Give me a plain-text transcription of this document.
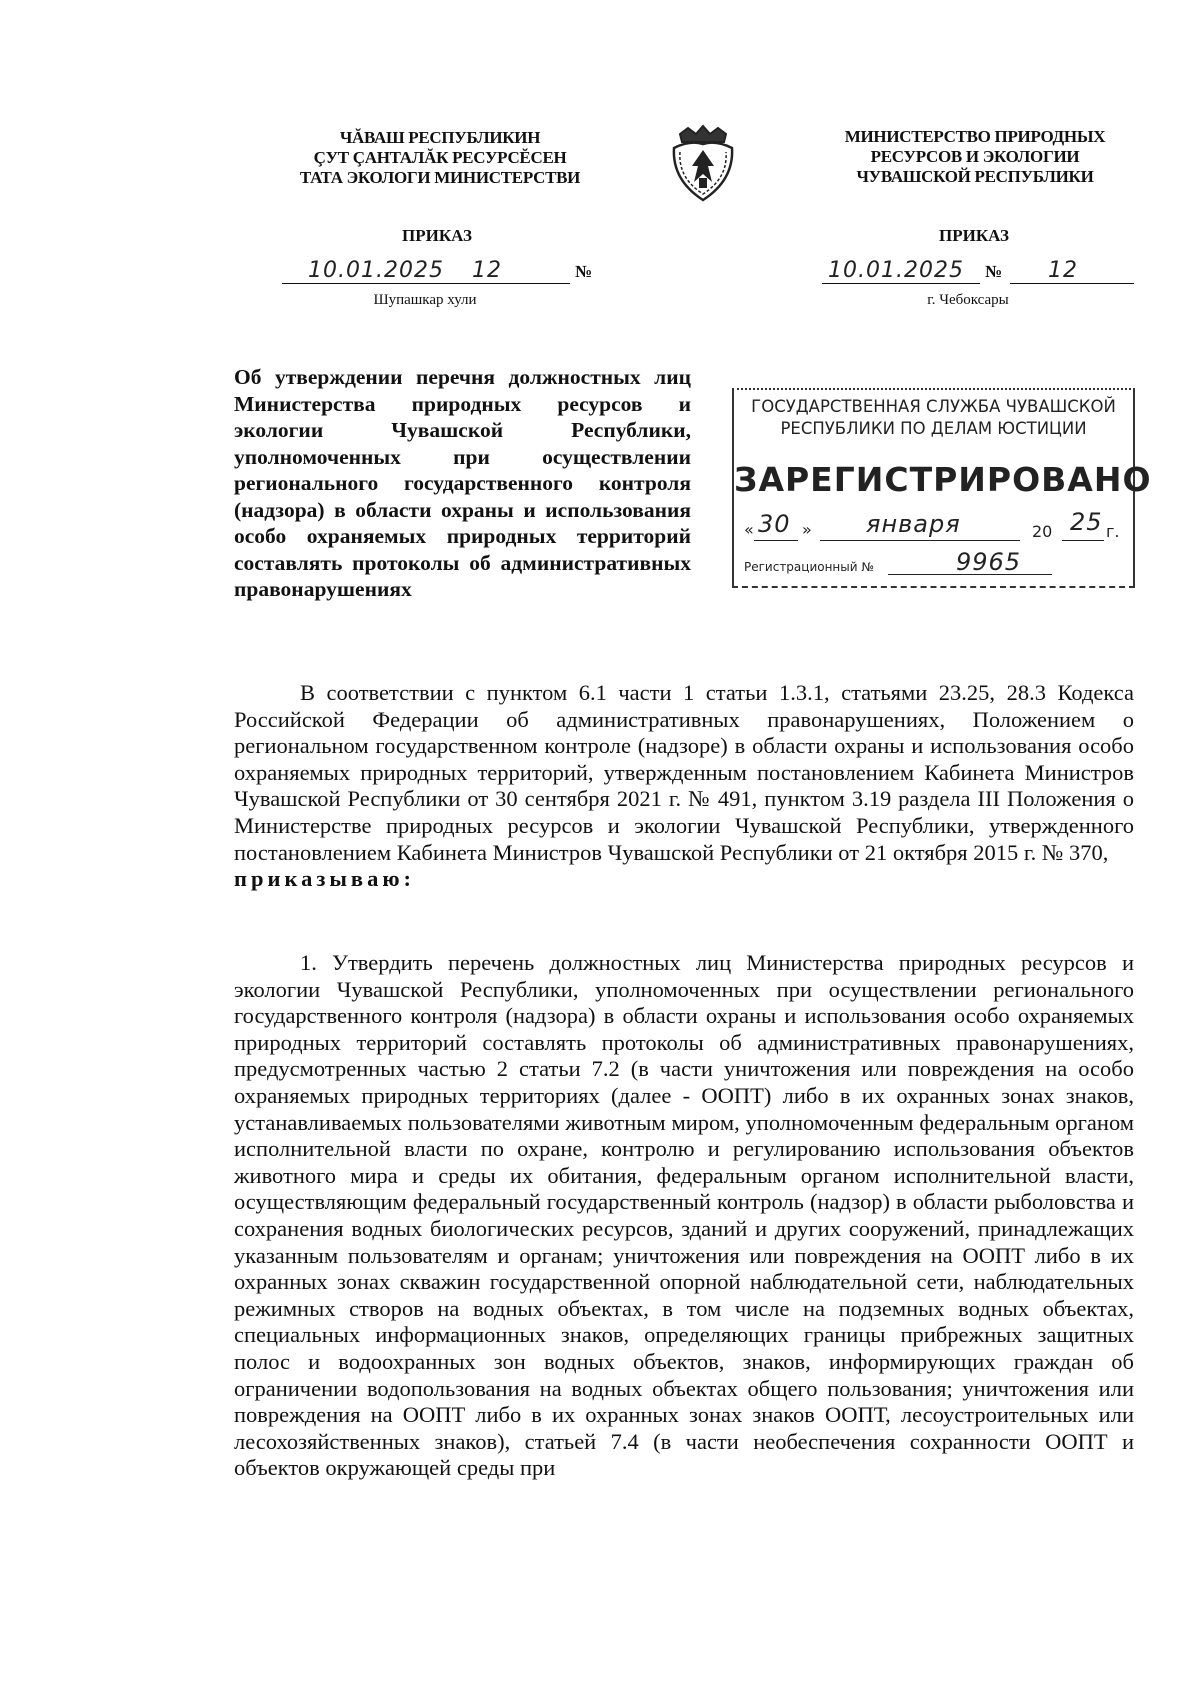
ЧĂВАШ РЕСПУБЛИКИН
ÇУТ ÇАНТАЛĂК РЕСУРСĔСЕН
ТАТА ЭКОЛОГИ МИНИСТЕРСТВИ
МИНИСТЕРСТВО ПРИРОДНЫХ
РЕСУРСОВ И ЭКОЛОГИИ
ЧУВАШСКОЙ РЕСПУБЛИКИ
ПРИКАЗ	ПРИКАЗ
10.01.2025 12	№
Шупашкар хули
№
10.01.2025	12
г. Чебоксары
Об утверждении перечня должностных лиц Министерства природных ресурсов и экологии Чувашской Республики, уполномоченных при осуществлении регионального государственного контроля (надзора) в области охраны и использования особо охраняемых природных территорий составлять протоколы об административных правонарушениях
ГОСУДАРСТВЕННАЯ СЛУЖБА ЧУВАШСКОЙ
РЕСПУБЛИКИ ПО ДЕЛАМ ЮСТИЦИИ
ЗАРЕГИСТРИРОВАНО
« 30 » января	20 25 г.
Регистрационный №	9965
В соответствии с пунктом 6.1 части 1 статьи 1.3.1, статьями 23.25, 28.3 Кодекса Российской Федерации об административных правонарушениях, Положением о региональном государственном контроле (надзоре) в области охраны и использования особо охраняемых природных территорий, утвержденным постановлением Кабинета Министров Чувашской Республики от 30 сентября 2021 г. № 491, пунктом 3.19 раздела III Положения о Министерстве природных ресурсов и экологии Чувашской Республики, утвержденного постановлением Кабинета Министров Чувашской Республики от 21 октября 2015 г. № 370,
приказываю:
1. Утвердить перечень должностных лиц Министерства природных ресурсов и экологии Чувашской Республики, уполномоченных при осуществлении регионального государственного контроля (надзора) в области охраны и использования особо охраняемых природных территорий составлять протоколы об административных правонарушениях, предусмотренных частью 2 статьи 7.2 (в части уничтожения или повреждения на особо охраняемых природных территориях (далее - ООПТ) либо в их охранных зонах знаков, устанавливаемых пользователями животным миром, уполномоченным федеральным органом исполнительной власти по охране, контролю и регулированию использования объектов животного мира и среды их обитания, федеральным органом исполнительной власти, осуществляющим федеральный государственный контроль (надзор) в области рыболовства и сохранения водных биологических ресурсов, зданий и других сооружений, принадлежащих указанным пользователям и органам; уничтожения или повреждения на ООПТ либо в их охранных зонах скважин государственной опорной наблюдательной сети, наблюдательных режимных створов на водных объектах, в том числе на подземных водных объектах, специальных информационных знаков, определяющих границы прибрежных защитных полос и водоохранных зон водных объектов, знаков, информирующих граждан об ограничении водопользования на водных объектах общего пользования; уничтожения или повреждения на ООПТ либо в их охранных зонах знаков ООПТ, лесоустроительных или лесохозяйственных знаков), статьей 7.4 (в части необеспечения сохранности ООПТ и объектов окружающей среды при
